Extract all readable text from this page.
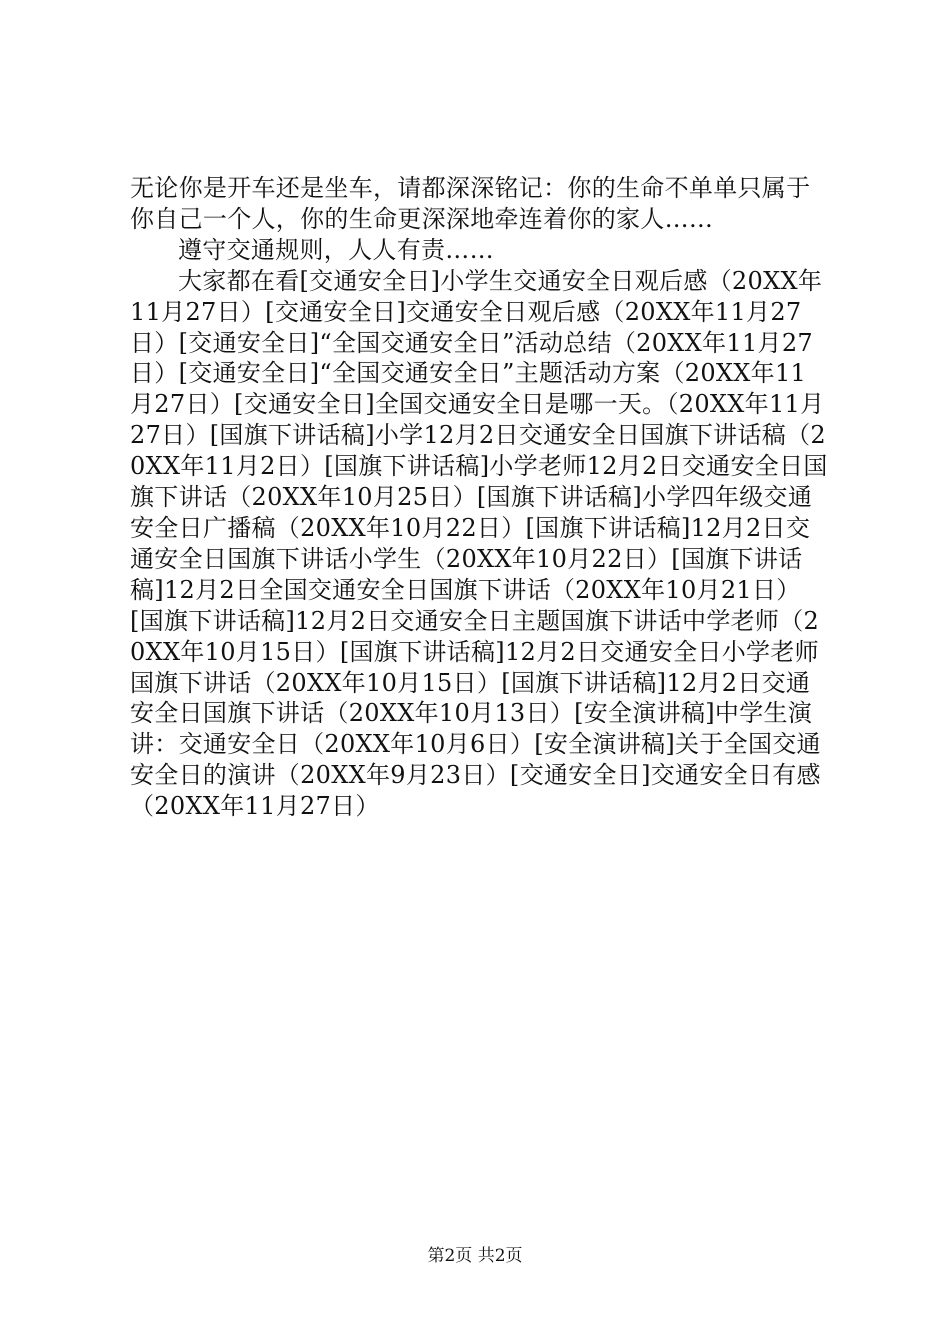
无论你是开车还是坐车，请都深深铭记：你的生命不单单只属于你自己一个人，你的生命更深深地牵连着你的家人……

遵守交通规则，人人有责……

大家都在看[交通安全日]小学生交通安全日观后感（20XX年11月27日）[交通安全日]交通安全日观后感（20XX年11月27日）[交通安全日]“全国交通安全日”活动总结（20XX年11月27日）[交通安全日]“全国交通安全日”主题活动方案（20XX年11月27日）[交通安全日]全国交通安全日是哪一天。（20XX年11月27日）[国旗下讲话稿]小学12月2日交通安全日国旗下讲话稿（20XX年11月2日）[国旗下讲话稿]小学老师12月2日交通安全日国旗下讲话（20XX年10月25日）[国旗下讲话稿]小学四年级交通安全日广播稿（20XX年10月22日）[国旗下讲话稿]12月2日交通安全日国旗下讲话小学生（20XX年10月22日）[国旗下讲话稿]12月2日全国交通安全日国旗下讲话（20XX年10月21日）[国旗下讲话稿]12月2日交通安全日主题国旗下讲话中学老师（20XX年10月15日）[国旗下讲话稿]12月2日交通安全日小学老师国旗下讲话（20XX年10月15日）[国旗下讲话稿]12月2日交通安全日国旗下讲话（20XX年10月13日）[安全演讲稿]中学生演讲：交通安全日（20XX年10月6日）[安全演讲稿]关于全国交通安全日的演讲（20XX年9月23日）[交通安全日]交通安全日有感（20XX年11月27日）

第2页 共2页
